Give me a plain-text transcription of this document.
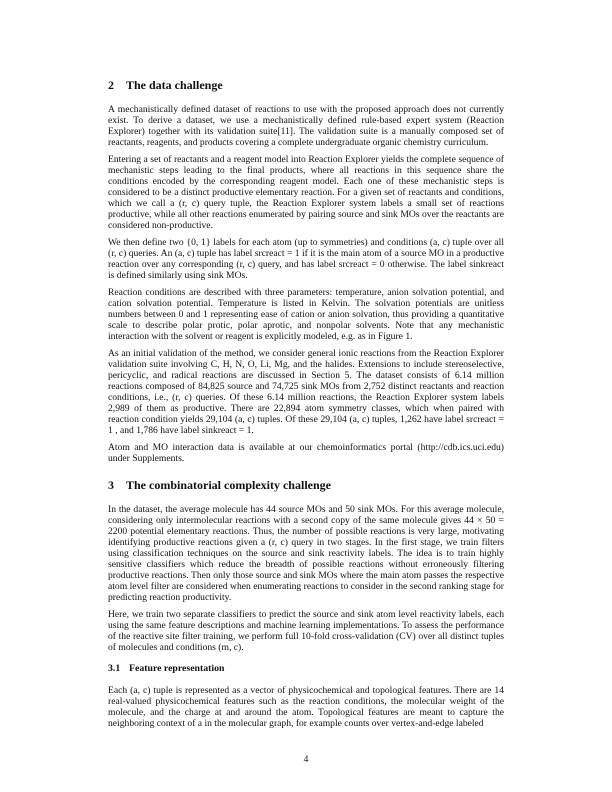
2	The data challenge

A mechanistically defined dataset of reactions to use with the proposed approach does not currently exist. To derive a dataset, we use a mechanistically defined rule-based expert system (Reaction Explorer) together with its validation suite[11]. The validation suite is a manually composed set of reactants, reagents, and products covering a complete undergraduate organic chemistry curriculum.

Entering a set of reactants and a reagent model into Reaction Explorer yields the complete sequence of mechanistic steps leading to the final products, where all reactions in this sequence share the conditions encoded by the corresponding reagent model. Each one of these mechanistic steps is considered to be a distinct productive elementary reaction. For a given set of reactants and conditions, which we call a (r, c) query tuple, the Reaction Explorer system labels a small set of reactions productive, while all other reactions enumerated by pairing source and sink MOs over the reactants are considered non-productive.

We then define two {0, 1} labels for each atom (up to symmetries) and conditions (a, c) tuple over all (r, c) queries. An (a, c) tuple has label srcreact = 1 if it is the main atom of a source MO in a productive reaction over any corresponding (r, c) query, and has label srcreact = 0 otherwise. The label sinkreact is defined similarly using sink MOs.

Reaction conditions are described with three parameters: temperature, anion solvation potential, and cation solvation potential. Temperature is listed in Kelvin. The solvation potentials are unitless numbers between 0 and 1 representing ease of cation or anion solvation, thus providing a quantitative scale to describe polar protic, polar aprotic, and nonpolar solvents. Note that any mechanistic interaction with the solvent or reagent is explicitly modeled, e.g. as in Figure 1.

As an initial validation of the method, we consider general ionic reactions from the Reaction Explorer validation suite involving C, H, N, O, Li, Mg, and the halides. Extensions to include stereoselective, pericyclic, and radical reactions are discussed in Section 5. The dataset consists of 6.14 million reactions composed of 84,825 source and 74,725 sink MOs from 2,752 distinct reactants and reaction conditions, i.e., (r, c) queries. Of these 6.14 million reactions, the Reaction Explorer system labels 2,989 of them as productive. There are 22,894 atom symmetry classes, which when paired with reaction condition yields 29,104 (a, c) tuples. Of these 29,104 (a, c) tuples, 1,262 have label srcreact = 1 , and 1,786 have label sinkreact = 1.

Atom and MO interaction data is available at our chemoinformatics portal (http://cdb.ics.uci.edu) under Supplements.

3	The combinatorial complexity challenge

In the dataset, the average molecule has 44 source MOs and 50 sink MOs. For this average molecule, considering only intermolecular reactions with a second copy of the same molecule gives 44 × 50 = 2200 potential elementary reactions. Thus, the number of possible reactions is very large, motivating identifying productive reactions given a (r, c) query in two stages. In the first stage, we train filters using classification techniques on the source and sink reactivity labels. The idea is to train highly sensitive classifiers which reduce the breadth of possible reactions without erroneously filtering productive reactions. Then only those source and sink MOs where the main atom passes the respective atom level filter are considered when enumerating reactions to consider in the second ranking stage for predicting reaction productivity.

Here, we train two separate classifiers to predict the source and sink atom level reactivity labels, each using the same feature descriptions and machine learning implementations. To assess the performance of the reactive site filter training, we perform full 10-fold cross-validation (CV) over all distinct tuples of molecules and conditions (m, c).

3.1 Feature representation

Each (a, c) tuple is represented as a vector of physicochemical and topological features. There are 14 real-valued physicochemical features such as the reaction conditions, the molecular weight of the molecule, and the charge at and around the atom. Topological features are meant to capture the neighboring context of a in the molecular graph, for example counts over vertex-and-edge labeled

4
